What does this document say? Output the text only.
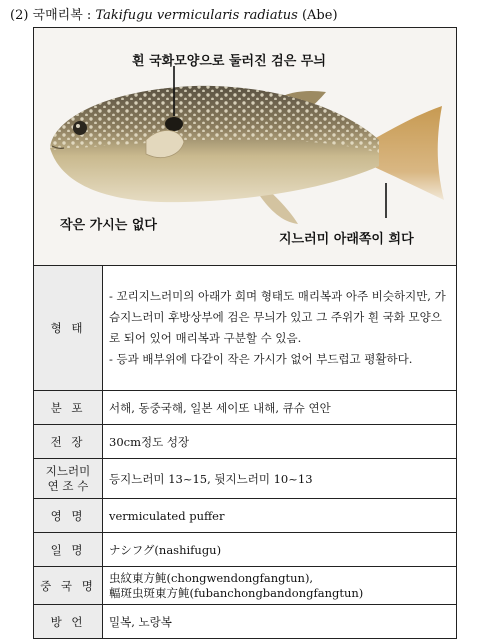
(2) 국매리복 : Takifugu vermicularis radiatus (Abe)
흰 국화모양으로 둘러진 검은 무늬
작은 가시는 없다
지느러미 아래쪽이 희다
형 태	- 꼬리지느러미의 아래가 희며 형태도 매리복과 아주 비슷하지만, 가슴지느러미 후방상부에 검은 무늬가 있고 그 주위가 흰 국화 모양으로 되어 있어 매리복과 구분할 수 있음.
- 등과 배부위에 다같이 작은 가시가 없어 부드럽고 평활하다.

분 포	서해, 동중국해, 일본 세이또 내해, 큐슈 연안
전 장	30cm정도 성장

지느러미
연 조 수	등지느러미 13~15, 뒷지느러미 10~13
영 명	vermiculated puffer
일 명	ナシフグ(nashifugu)
중 국 명	虫紋東方魨(chongwendongfangtun),
輻斑虫斑東方魨(fubanchongbandongfangtun)

방 언	밀복, 노랑복
